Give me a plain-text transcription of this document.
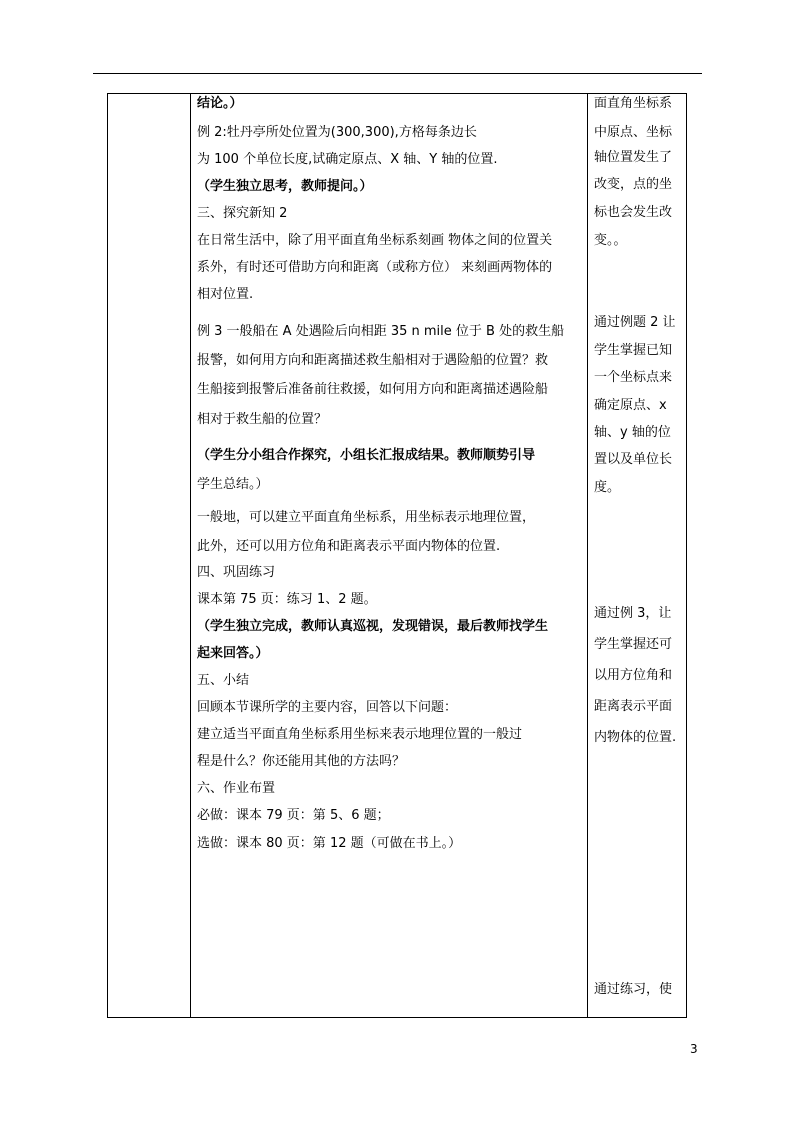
结论。）
例 2:牡丹亭所处位置为(300,300),方格每条边长
为 100 个单位长度,试确定原点、X 轴、Y 轴的位置.
（学生独立思考，教师提问。）
三、探究新知 2
在日常生活中，除了用平面直角坐标系刻画 物体之间的位置关
系外，有时还可借助方向和距离（或称方位） 来刻画两物体的
相对位置.
例 3 一般船在 A 处遇险后向相距 35 n mile 位于 B 处的救生船
报警，如何用方向和距离描述救生船相对于遇险船的位置？救
生船接到报警后准备前往救援，如何用方向和距离描述遇险船
相对于救生船的位置？
（学生分小组合作探究，小组长汇报成结果。教师顺势引导
学生总结。）
一般地，可以建立平面直角坐标系，用坐标表示地理位置，
此外，还可以用方位角和距离表示平面内物体的位置.
四、巩固练习
课本第 75 页：练习 1、2 题。
（学生独立完成，教师认真巡视，发现错误，最后教师找学生
起来回答。）
五、小结
回顾本节课所学的主要内容，回答以下问题：
建立适当平面直角坐标系用坐标来表示地理位置的一般过
程是什么？你还能用其他的方法吗？
六、作业布置
必做：课本 79 页：第 5、6 题；
选做：课本 80 页：第 12 题（可做在书上。）
面直角坐标系
中原点、坐标
轴位置发生了
改变，点的坐
标也会发生改
变。。
通过例题 2 让
学生掌握已知
一个坐标点来
确定原点、x
轴、y 轴的位
置以及单位长
度。
通过例 3，让
学生掌握还可
以用方位角和
距离表示平面
内物体的位置.
通过练习，使
3
